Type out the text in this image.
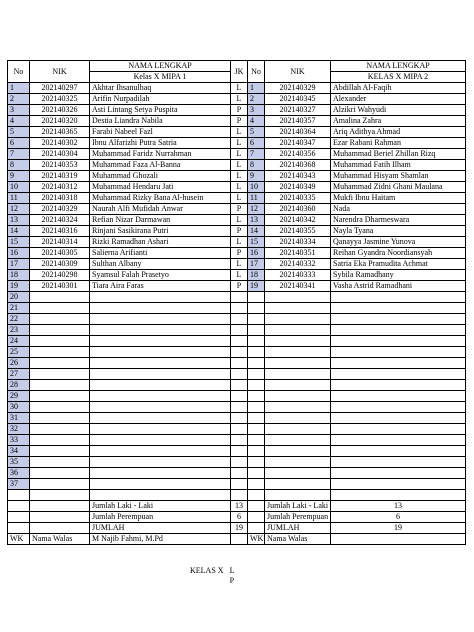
No	NIK	NAMA LENGKAP	JK	No	NIK	NAMA LENGKAP
		Kelas X MIPA 1				KELAS X MIPA 2
1	202140297	Akhtar Ihsanulhaq	L	1	202140329	Abdillah Al-Faqih
2	202140325	Arifin Nurpadilah	L	2	202140345	Alexander
3	202140326	Asti Lintang Setya Puspita	P	3	202140327	Alzikri Wahyudi
4	202140320	Destia Liandra Nabila	P	4	202140357	Amalina Zahra
5	202140365	Farabi Nabeel Fazl	L	5	202140364	Ariq Adithya Ahmad
6	202140302	Ibnu Alfarizhi Putra Satria	L	6	202140347	Ezar Rabani Rahman
7	202140304	Muhammad Faridz Nurrahman	L	7	202140356	Muhammad Beriel Zhillan Rizq
8	202140353	Muhammad Faza Al-Banna	L	8	202140368	Muhammad Fatih Ilham
9	202140319	Muhammad Ghozali	L	9	202140343	Muhammad Hisyam Shamlan
10	202140312	Muhammad Hendaru Jati	L	10	202140349	Muhammad Zidni Ghani Maulana
11	202140318	Muhammad Rizky Bana Al-husein	L	11	202140335	Mukfi Ibnu Haitam
12	202140329	Naurah Alfi Mufidah Anwar	P	12	202140360	Nada
13	202140324	Refian Nizar Darmawan	L	13	202140342	Narendra Dharmeswara
14	202140316	Rinjani Sasikirana Putri	P	14	202140355	Nayla Tyana
15	202140314	Rizki Ramadhan Ashari	L	15	202140334	Qanayya Jasmine Yunova
16	202140305	Salierna Arifianti	P	16	202140351	Reihan Gyandra Noordiansyah
17	202140309	Sulthan Albany	L	17	202140332	Satria Eka Pramudita Achmat
18	202140298	Syamsul Falah Prasetyo	L	18	202140333	Sybila Ramadhany
19	202140301	Tiara Aira Faras	P	19	202140341	Vasha Astrid Ramadhani
20						
21						
22						
23						
24						
25						
26						
27						
28						
29						
30						
31						
32						
33						
34						
35						
36						
37						

		Jumlah Laki - Laki	13		Jumlah Laki - Laki	13
		Jumlah Perempuan	6		Jumlah Perempuan	6
		JUMLAH	19		JUMLAH	19
WK	Nama Walas	M Najib Fahmi, M.Pd		WK	Nama Walas	
KELAS X L
P
